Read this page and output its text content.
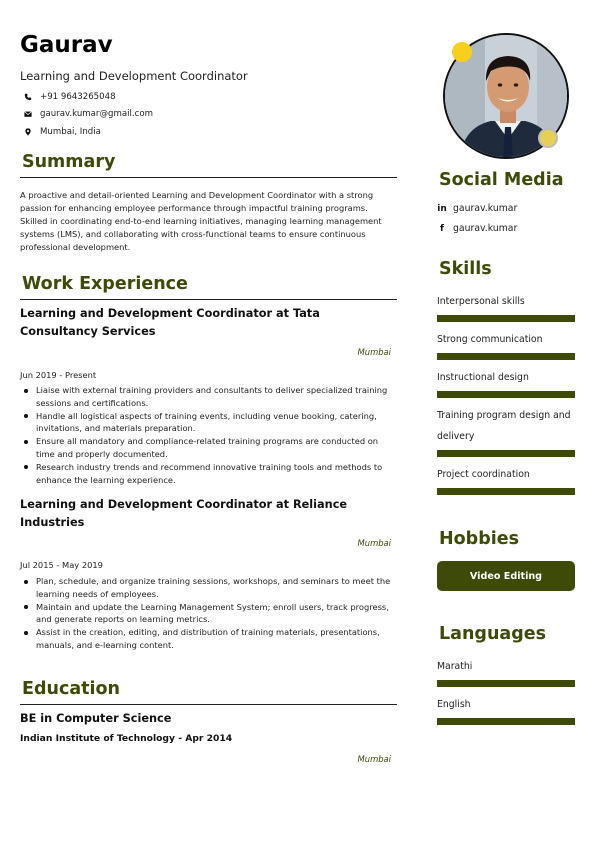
Gaurav
Learning and Development Coordinator
+91 9643265048
gaurav.kumar@gmail.com
Mumbai, India
Summary
A proactive and detail-oriented Learning and Development Coordinator with a strong passion for enhancing employee performance through impactful training programs. Skilled in coordinating end-to-end learning initiatives, managing learning management systems (LMS), and collaborating with cross-functional teams to ensure continuous professional development.
Work Experience
Learning and Development Coordinator at Tata Consultancy Services
Mumbai
Jun 2019 - Present
Liaise with external training providers and consultants to deliver specialized training sessions and certifications.
Handle all logistical aspects of training events, including venue booking, catering, invitations, and materials preparation.
Ensure all mandatory and compliance-related training programs are conducted on time and properly documented.
Research industry trends and recommend innovative training tools and methods to enhance the learning experience.
Learning and Development Coordinator at Reliance Industries
Mumbai
Jul 2015 - May 2019
Plan, schedule, and organize training sessions, workshops, and seminars to meet the learning needs of employees.
Maintain and update the Learning Management System; enroll users, track progress, and generate reports on learning metrics.
Assist in the creation, editing, and distribution of training materials, presentations, manuals, and e-learning content.
Education
BE in Computer Science
Indian Institute of Technology - Apr 2014
Mumbai
Social Media
in gaurav.kumar
f gaurav.kumar
Skills
Interpersonal skills
Strong communication
Instructional design
Training program design and delivery
Project coordination
Hobbies
Video Editing
Languages
Marathi
English
